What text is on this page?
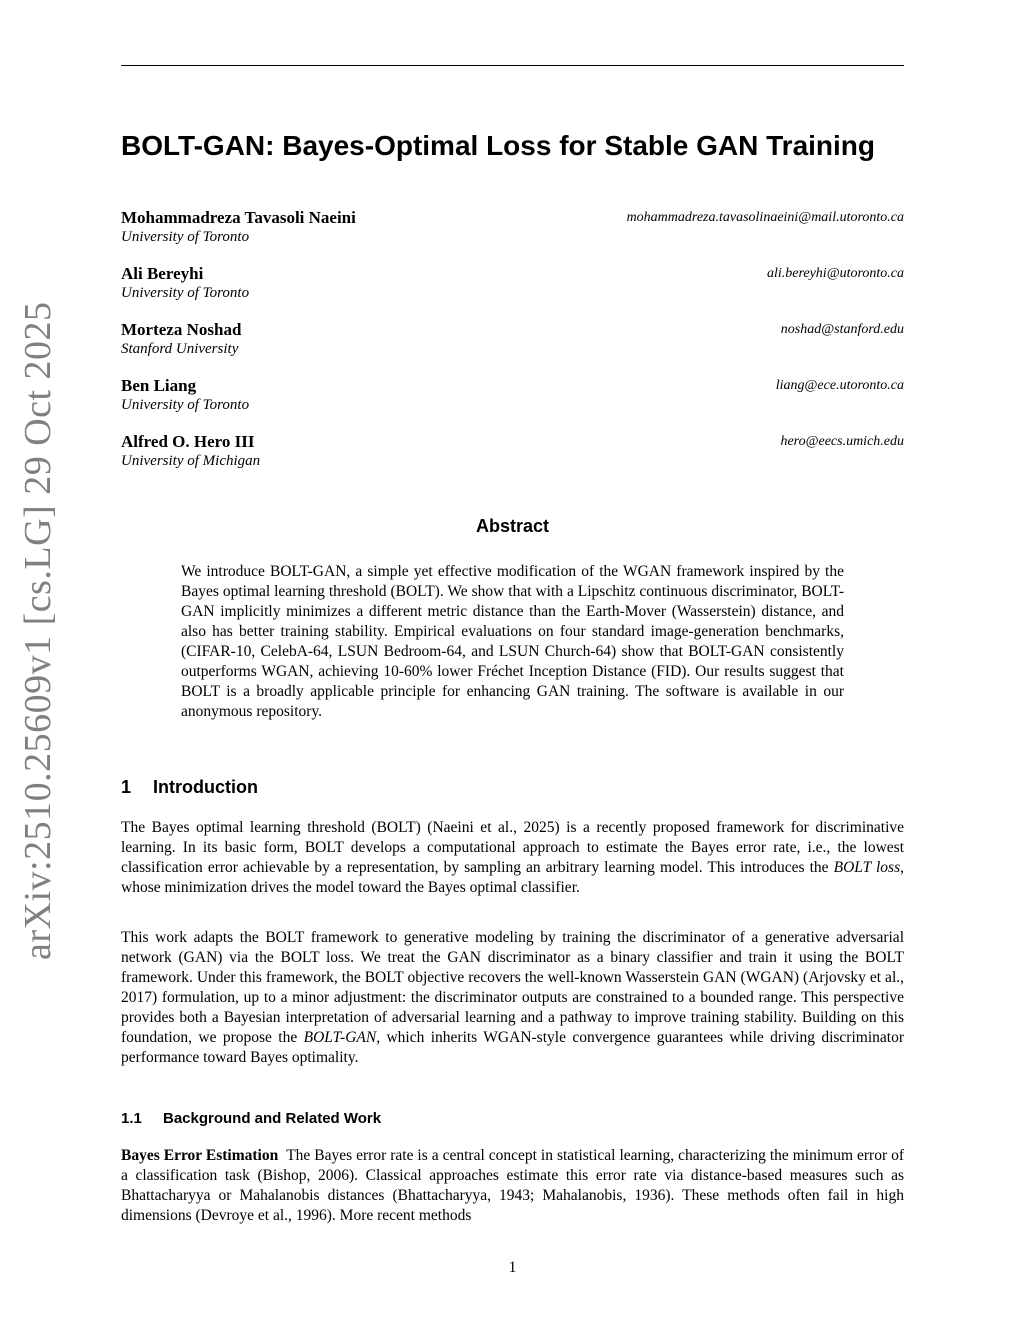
arXiv:2510.25609v1 [cs.LG] 29 Oct 2025
BOLT-GAN: Bayes-Optimal Loss for Stable GAN Training
Mohammadreza Tavasoli Naeini
University of Toronto
mohammadreza.tavasolinaeini@mail.utoronto.ca
Ali Bereyhi
University of Toronto
ali.bereyhi@utoronto.ca
Morteza Noshad
Stanford University
noshad@stanford.edu
Ben Liang
University of Toronto
liang@ece.utoronto.ca
Alfred O. Hero III
University of Michigan
hero@eecs.umich.edu
Abstract
We introduce BOLT-GAN, a simple yet effective modification of the WGAN framework inspired by the Bayes optimal learning threshold (BOLT). We show that with a Lipschitz continuous discriminator, BOLT-GAN implicitly minimizes a different metric distance than the Earth-Mover (Wasserstein) distance, and also has better training stability. Empirical evaluations on four standard image-generation benchmarks, (CIFAR-10, CelebA-64, LSUN Bedroom-64, and LSUN Church-64) show that BOLT-GAN consistently outperforms WGAN, achieving 10-60% lower Fréchet Inception Distance (FID). Our results suggest that BOLT is a broadly applicable principle for enhancing GAN training. The software is available in our anonymous repository.
1 Introduction
The Bayes optimal learning threshold (BOLT) (Naeini et al., 2025) is a recently proposed framework for discriminative learning. In its basic form, BOLT develops a computational approach to estimate the Bayes error rate, i.e., the lowest classification error achievable by a representation, by sampling an arbitrary learning model. This introduces the BOLT loss, whose minimization drives the model toward the Bayes optimal classifier.
This work adapts the BOLT framework to generative modeling by training the discriminator of a generative adversarial network (GAN) via the BOLT loss. We treat the GAN discriminator as a binary classifier and train it using the BOLT framework. Under this framework, the BOLT objective recovers the well-known Wasserstein GAN (WGAN) (Arjovsky et al., 2017) formulation, up to a minor adjustment: the discriminator outputs are constrained to a bounded range. This perspective provides both a Bayesian interpretation of adversarial learning and a pathway to improve training stability. Building on this foundation, we propose the BOLT-GAN, which inherits WGAN-style convergence guarantees while driving discriminator performance toward Bayes optimality.
1.1 Background and Related Work
Bayes Error Estimation The Bayes error rate is a central concept in statistical learning, characterizing the minimum error of a classification task (Bishop, 2006). Classical approaches estimate this error rate via distance-based measures such as Bhattacharyya or Mahalanobis distances (Bhattacharyya, 1943; Mahalanobis, 1936). These methods often fail in high dimensions (Devroye et al., 1996). More recent methods
1
